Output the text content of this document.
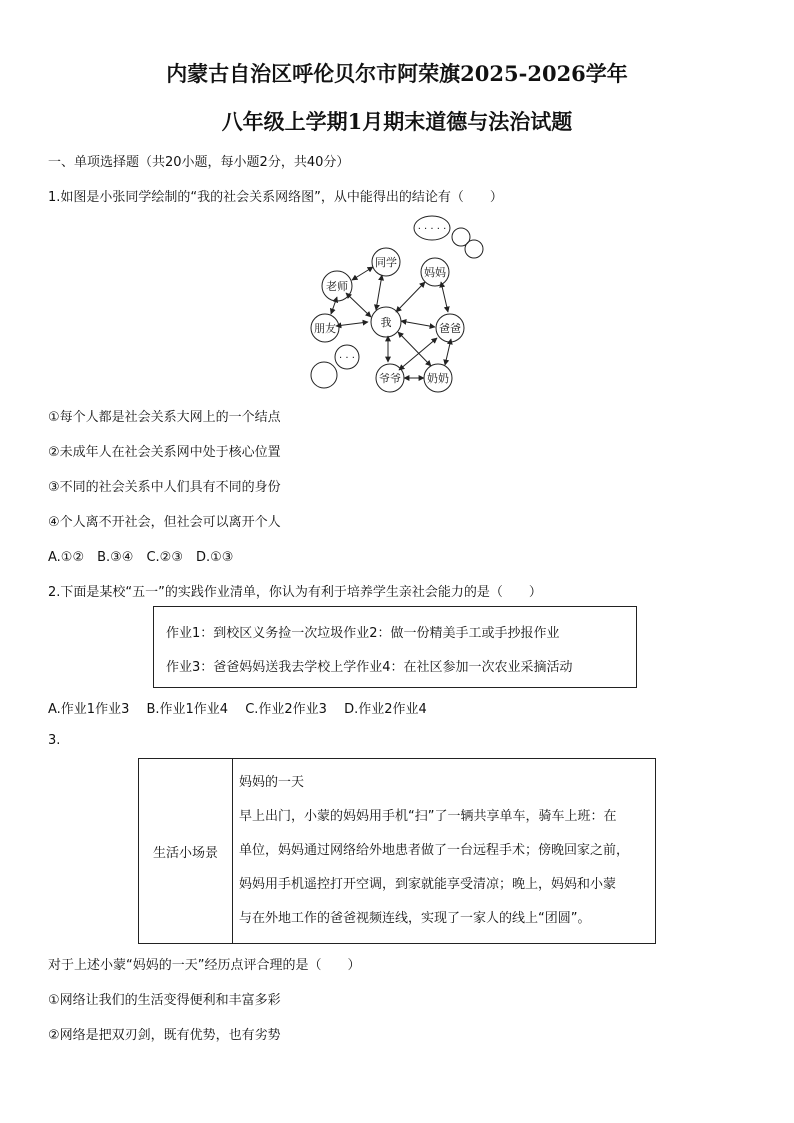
内蒙古自治区呼伦贝尔市阿荣旗2025-2026学年
八年级上学期1月期末道德与法治试题
一、单项选择题（共20小题，每小题2分，共40分）
1.如图是小张同学绘制的“我的社会关系网络图”，从中能得出的结论有（　　）
我
同学
妈妈
老师
朋友	爸爸
爷爷 奶奶
· · · · ·
· · ·
①每个人都是社会关系大网上的一个结点
②未成年人在社会关系网中处于核心位置
③不同的社会关系中人们具有不同的身份
④个人离不开社会，但社会可以离开个人
A.①②　B.③④　C.②③　D.①③
2.下面是某校“五一”的实践作业清单，你认为有利于培养学生亲社会能力的是（　　）
作业1：到校区义务捡一次垃圾作业2：做一份精美手工或手抄报作业
作业3：爸爸妈妈送我去学校上学作业4：在社区参加一次农业采摘活动
A.作业1作业3　 B.作业1作业4　 C.作业2作业3　 D.作业2作业4
3.
生活小场景	
妈妈的一天
早上出门，小蒙的妈妈用手机“扫”了一辆共享单车，骑车上班：在
单位，妈妈通过网络给外地患者做了一台远程手术；傍晚回家之前，
妈妈用手机遥控打开空调，到家就能享受清凉；晚上，妈妈和小蒙
与在外地工作的爸爸视频连线，实现了一家人的线上“团圆”。
对于上述小蒙“妈妈的一天”经历点评合理的是（　　）
①网络让我们的生活变得便利和丰富多彩
②网络是把双刃剑，既有优势，也有劣势
